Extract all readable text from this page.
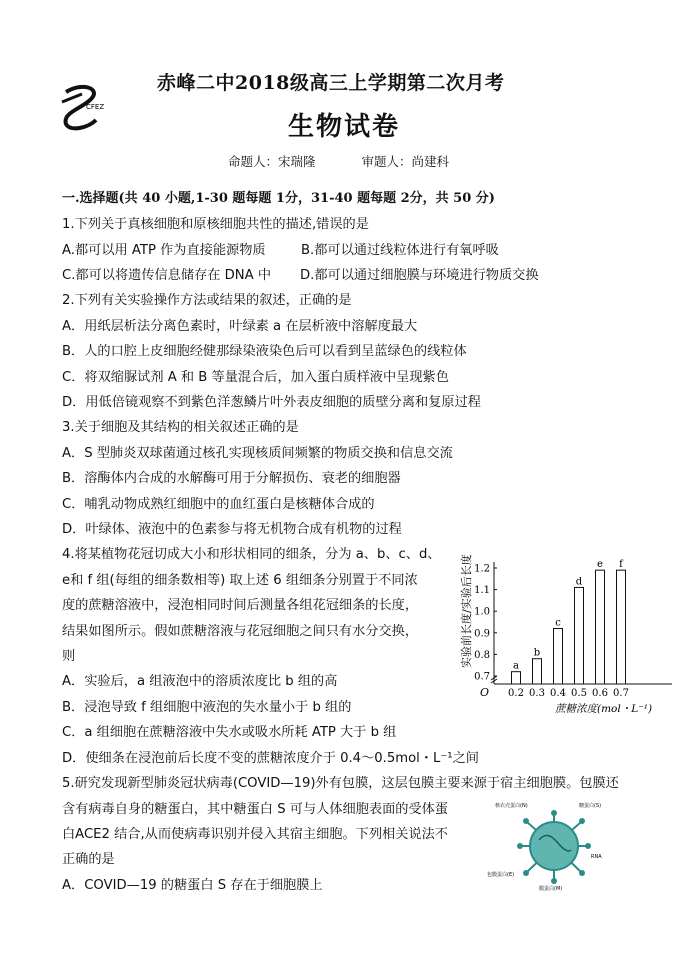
CFEZ
赤峰二中2018级高三上学期第二次月考
生物试卷
命题人：宋瑞隆	审题人：尚建科
一.选择题(共 40 小题,1-30 题每题 1分，31-40 题每题 2分，共 50 分)
1.下列关于真核细胞和原核细胞共性的描述,错误的是
A.都可以用 ATP 作为直接能源物质	B.都可以通过线粒体进行有氧呼吸
C.都可以将遗传信息储存在 DNA 中 D.都可以通过细胞膜与环境进行物质交换
2.下列有关实验操作方法或结果的叙述，正确的是
A．用纸层析法分离色素时，叶绿素 a 在层析液中溶解度最大
B．人的口腔上皮细胞经健那绿染液染色后可以看到呈蓝绿色的线粒体
C．将双缩脲试剂 A 和 B 等量混合后，加入蛋白质样液中呈现紫色
D．用低倍镜观察不到紫色洋葱鳞片叶外表皮细胞的质壁分离和复原过程
3.关于细胞及其结构的相关叙述正确的是
A．S 型肺炎双球菌通过核孔实现核质间频繁的物质交换和信息交流
B．溶酶体内合成的水解酶可用于分解损伤、衰老的细胞器
C．哺乳动物成熟红细胞中的血红蛋白是核糖体合成的
D．叶绿体、液泡中的色素参与将无机物合成有机物的过程
4.将某植物花冠切成大小和形状相同的细条，分为 a、b、c、d、
e和 f 组(每组的细条数相等) 取上述 6 组细条分别置于不同浓
度的蔗糖溶液中，浸泡相同时间后测量各组花冠细条的长度，
结果如图所示。假如蔗糖溶液与花冠细胞之间只有水分交换，
则
A．实验后，a 组液泡中的溶质浓度比 b 组的高
B．浸泡导致 f 组细胞中液泡的失水量小于 b 组的
C．a 组细胞在蔗糖溶液中失水或吸水所耗 ATP 大于 b 组
D．使细条在浸泡前后长度不变的蔗糖浓度介于 0.4～0.5mol・L⁻¹之间
5.研究发现新型肺炎冠状病毒(COVID—19)外有包膜，这层包膜主要来源于宿主细胞膜。包膜还
含有病毒自身的糖蛋白，其中糖蛋白 S 可与人体细胞表面的受体蛋
白ACE2 结合,从而使病毒识别并侵入其宿主细胞。下列相关说法不
正确的是
A．COVID—19 的糖蛋白 S 存在于细胞膜上
0.7
0.8
0.9
1.0
1.1
1.2
a
0.2
b
0.3
c
0.4
d
0.5
e
0.6
f
0.7
实验前长度/实验后长度
蔗糖浓度(mol・L⁻¹)
O
核衣壳蛋白(N)	糖蛋白(S)
RNA
包膜蛋白(E)
膜蛋白(M)
